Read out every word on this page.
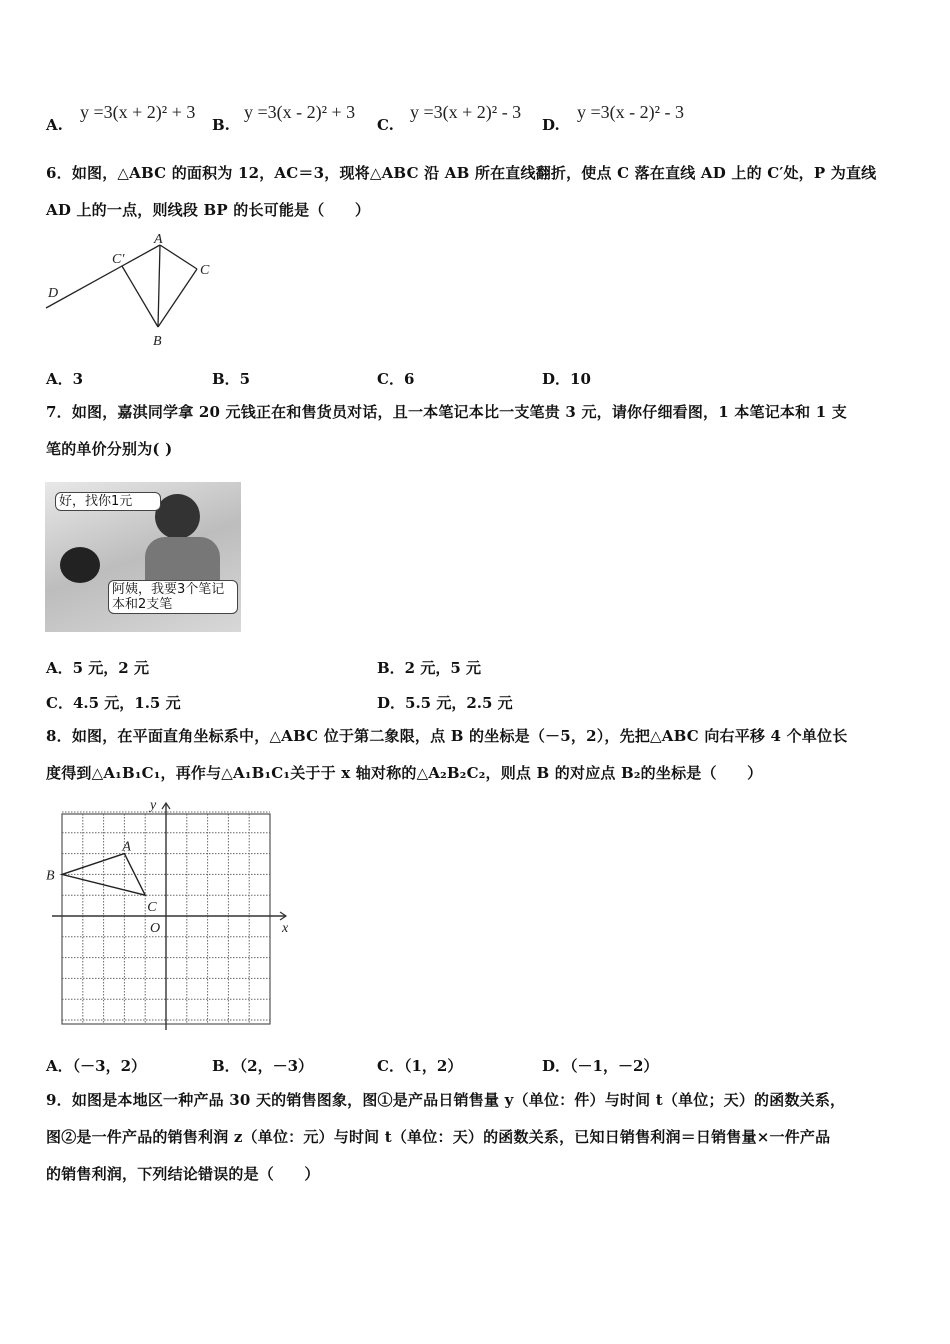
A.
y =3(x + 2)² + 3
B.
y =3(x - 2)² + 3
C.
y =3(x + 2)² - 3
D.
y =3(x - 2)² - 3
6．如图，△ABC 的面积为 12，AC＝3，现将△ABC 沿 AB 所在直线翻折，使点 C 落在直线 AD 上的 C′处，P 为直线
AD 上的一点，则线段 BP 的长可能是（　　）
A
B
C
C′
D
A．3	B．5	C．6	D．10
7．如图，嘉淇同学拿 20 元钱正在和售货员对话，且一本笔记本比一支笔贵 3 元，请你仔细看图，1 本笔记本和 1 支
笔的单价分别为( )
好，找你1元
阿姨，我要3个笔记本和2支笔
A．5 元，2 元	B．2 元，5 元
C．4.5 元，1.5 元	D．5.5 元，2.5 元
8．如图，在平面直角坐标系中，△ABC 位于第二象限，点 B 的坐标是（－5，2），先把△ABC 向右平移 4 个单位长
度得到△A₁B₁C₁，再作与△A₁B₁C₁关于于 x 轴对称的△A₂B₂C₂，则点 B 的对应点 B₂的坐标是（　　）
A
B
C
O	x
y
A．（－3，2）	B．（2，－3）	C．（1，2）	D．（－1，－2）
9．如图是本地区一种产品 30 天的销售图象，图①是产品日销售量 y（单位：件）与时间 t（单位；天）的函数关系，
图②是一件产品的销售利润 z（单位：元）与时间 t（单位：天）的函数关系，已知日销售利润＝日销售量×一件产品
的销售利润，下列结论错误的是（　　）
